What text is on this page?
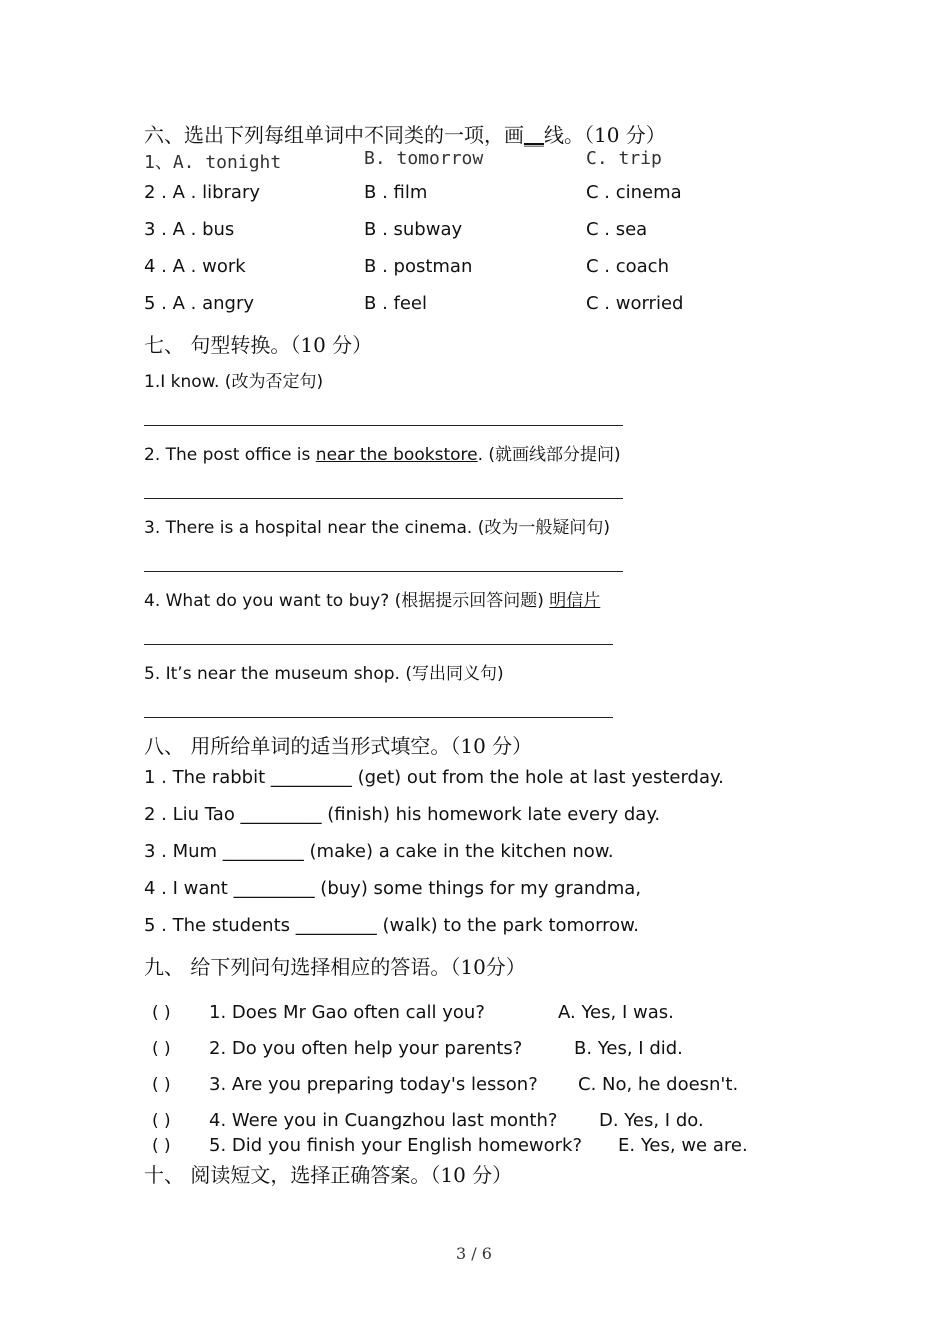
六、选出下列每组单词中不同类的一项，画__线。（10 分）
1、A. tonight	B. tomorrow	C. trip
2 . A . library	B . film	C . cinema
3 . A . bus	B . subway	C . sea
4 . A . work	B . postman	C . coach
5 . A . angry	B . feel	C . worried
七、 句型转换。（10 分）
1.I know. (改为否定句)
2. The post office is near the bookstore. (就画线部分提问)
3. There is a hospital near the cinema. (改为一般疑问句)
4. What do you want to buy? (根据提示回答问题) 明信片
5. It’s near the museum shop. (写出同义句)
八、 用所给单词的适当形式填空。（10 分）
1 . The rabbit _________ (get) out from the hole at last yesterday.
2 . Liu Tao _________ (finish) his homework late every day.
3 . Mum _________ (make) a cake in the kitchen now.
4 . I want _________ (buy) some things for my grandma,
5 . The students _________ (walk) to the park tomorrow.
九、 给下列问句选择相应的答语。（10分）
( ) 1. Does Mr Gao often call you?	A. Yes, I was.
( ) 2. Do you often help your parents?	B. Yes, I did.
( ) 3. Are you preparing today's lesson? C. No, he doesn't.
( ) 4. Were you in Cuangzhou last month? D. Yes, I do.
( ) 5. Did you finish your English homework? E. Yes, we are.
十、 阅读短文，选择正确答案。（10 分）
3 / 6
